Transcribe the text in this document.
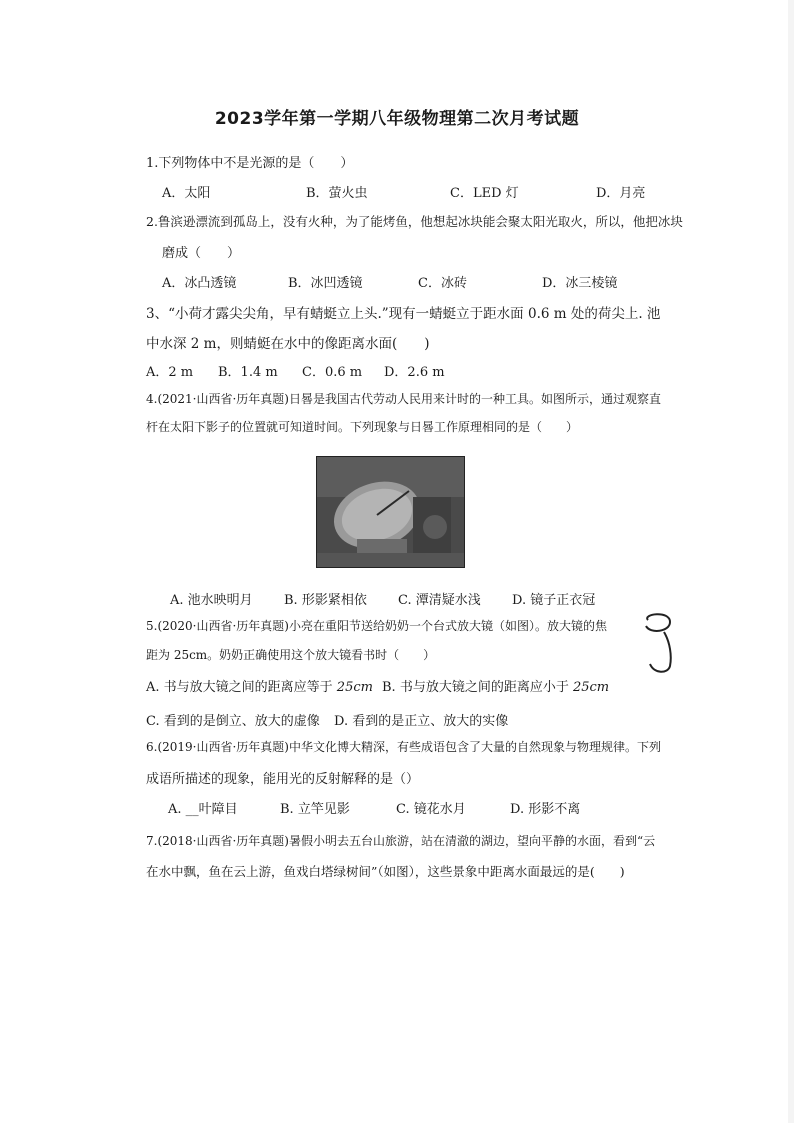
2023学年第一学期八年级物理第二次月考试题
1.下列物体中不是光源的是（　　）
A．太阳	B．萤火虫	C．LED 灯	D．月亮
2.鲁滨逊漂流到孤岛上，没有火种，为了能烤鱼，他想起冰块能会聚太阳光取火，所以，他把冰块
磨成（　　）
A．冰凸透镜	B．冰凹透镜	C．冰砖	D．冰三棱镜
3、“小荷才露尖尖角，早有蜻蜓立上头.”现有一蜻蜓立于距水面 0.6 m 处的荷尖上. 池
中水深 2 m，则蜻蜓在水中的像距离水面(　　)
A．2 m B．1.4 m C．0.6 m D．2.6 m
4.(2021·山西省·历年真题)日晷是我国古代劳动人民用来计时的一种工具。如图所示，通过观察直
杆在太阳下影子的位置就可知道时间。下列现象与日晷工作原理相同的是（　　）
A. 池水映明月 B. 形影紧相依 C. 潭清疑水浅 D. 镜子正衣冠
5.(2020·山西省·历年真题)小亮在重阳节送给奶奶一个台式放大镜（如图）。放大镜的焦
距为 25cm。奶奶正确使用这个放大镜看书时（　　）
A. 书与放大镜之间的距离应等于 25cm B. 书与放大镜之间的距离应小于 25cm
C. 看到的是倒立、放大的虚像 D. 看到的是正立、放大的实像
6.(2019·山西省·历年真题)中华文化博大精深，有些成语包含了大量的自然现象与物理规律。下列
成语所描述的现象，能用光的反射解释的是（）
A. __叶障目	B. 立竿见影	C. 镜花水月	D. 形影不离
7.(2018·山西省·历年真题)暑假小明去五台山旅游，站在清澈的湖边，望向平静的水面，看到“云
在水中飘，鱼在云上游，鱼戏白塔绿树间”（如图），这些景象中距离水面最远的是(　　)
